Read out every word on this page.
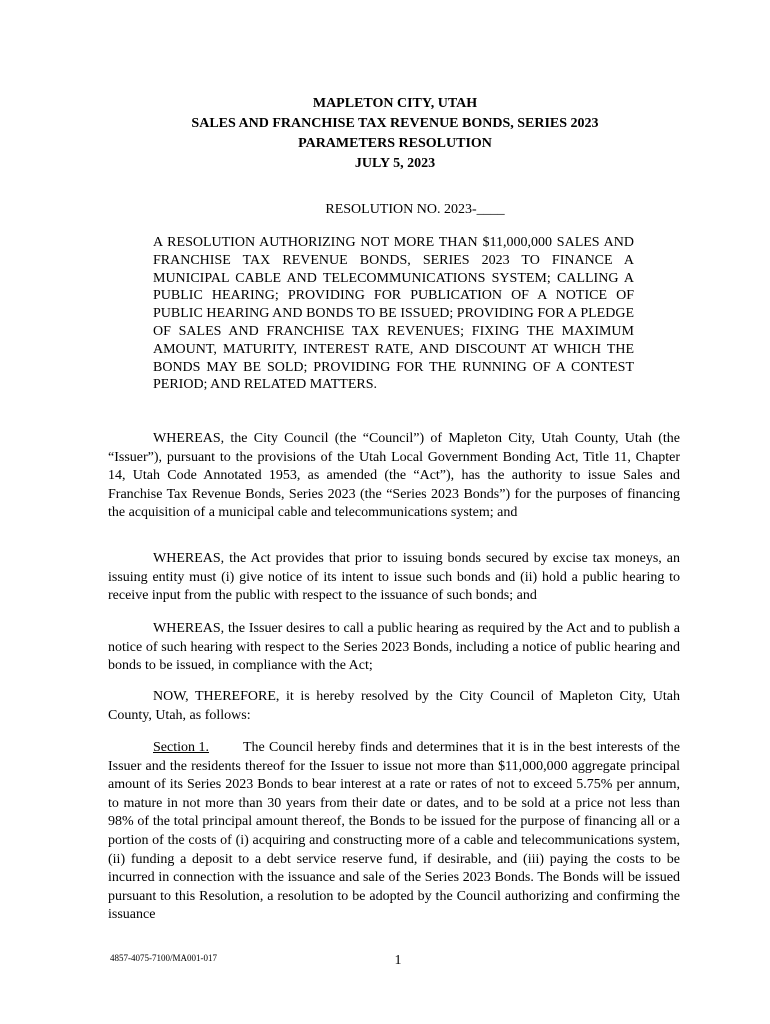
MAPLETON CITY, UTAH
SALES AND FRANCHISE TAX REVENUE BONDS, SERIES 2023
PARAMETERS RESOLUTION
JULY 5, 2023
RESOLUTION NO. 2023-____

A RESOLUTION AUTHORIZING NOT MORE THAN $11,000,000 SALES AND FRANCHISE TAX REVENUE BONDS, SERIES 2023 TO FINANCE A MUNICIPAL CABLE AND TELECOMMUNICATIONS SYSTEM; CALLING A PUBLIC HEARING; PROVIDING FOR PUBLICATION OF A NOTICE OF PUBLIC HEARING AND BONDS TO BE ISSUED; PROVIDING FOR A PLEDGE OF SALES AND FRANCHISE TAX REVENUES; FIXING THE MAXIMUM AMOUNT, MATURITY, INTEREST RATE, AND DISCOUNT AT WHICH THE BONDS MAY BE SOLD; PROVIDING FOR THE RUNNING OF A CONTEST PERIOD; AND RELATED MATTERS.

WHEREAS, the City Council (the “Council”) of Mapleton City, Utah County, Utah (the “Issuer”), pursuant to the provisions of the Utah Local Government Bonding Act, Title 11, Chapter 14, Utah Code Annotated 1953, as amended (the “Act”), has the authority to issue Sales and Franchise Tax Revenue Bonds, Series 2023 (the “Series 2023 Bonds”) for the purposes of financing the acquisition of a municipal cable and telecommunications system; and

WHEREAS, the Act provides that prior to issuing bonds secured by excise tax moneys, an issuing entity must (i) give notice of its intent to issue such bonds and (ii) hold a public hearing to receive input from the public with respect to the issuance of such bonds; and

WHEREAS, the Issuer desires to call a public hearing as required by the Act and to publish a notice of such hearing with respect to the Series 2023 Bonds, including a notice of public hearing and bonds to be issued, in compliance with the Act;

NOW, THEREFORE, it is hereby resolved by the City Council of Mapleton City, Utah County, Utah, as follows:

Section 1. The Council hereby finds and determines that it is in the best interests of the Issuer and the residents thereof for the Issuer to issue not more than $11,000,000 aggregate principal amount of its Series 2023 Bonds to bear interest at a rate or rates of not to exceed 5.75% per annum, to mature in not more than 30 years from their date or dates, and to be sold at a price not less than 98% of the total principal amount thereof, the Bonds to be issued for the purpose of financing all or a portion of the costs of (i) acquiring and constructing more of a cable and telecommunications system, (ii) funding a deposit to a debt service reserve fund, if desirable, and (iii) paying the costs to be incurred in connection with the issuance and sale of the Series 2023 Bonds. The Bonds will be issued pursuant to this Resolution, a resolution to be adopted by the Council authorizing and confirming the issuance

4857-4075-7100/MA001-017	1
